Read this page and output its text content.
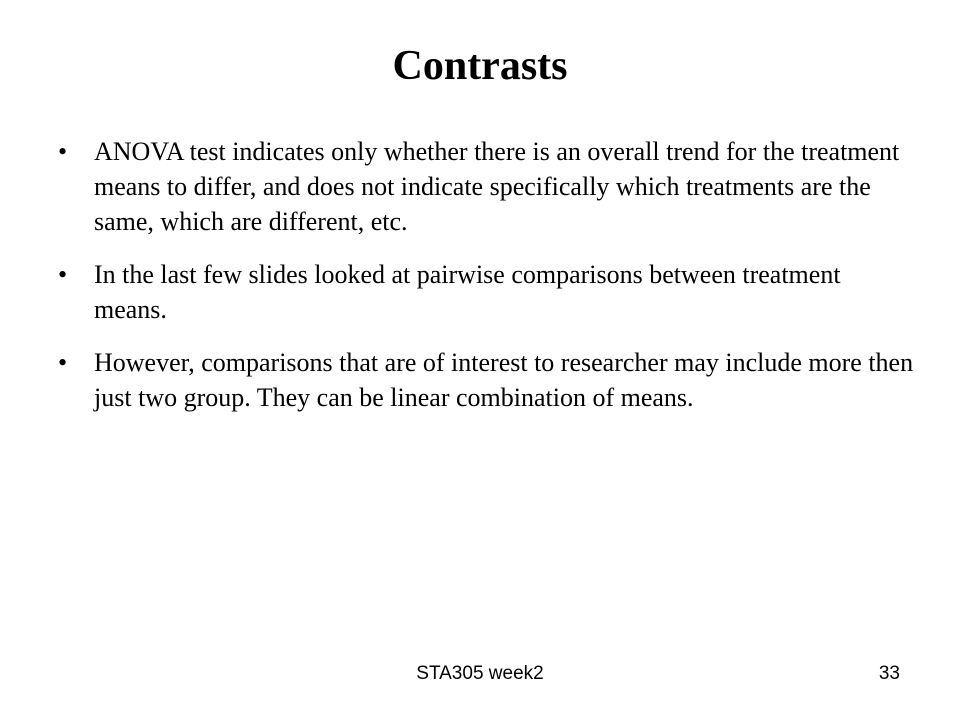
Contrasts
•	ANOVA test indicates only whether there is an overall trend for the treatment means to differ, and does not indicate specifically which treatments are the same, which are different, etc.
•	In the last few slides looked at pairwise comparisons between treatment means.
•	However, comparisons that are of interest to researcher may include more then just two group. They can be linear combination of means.
STA305 week2	33
